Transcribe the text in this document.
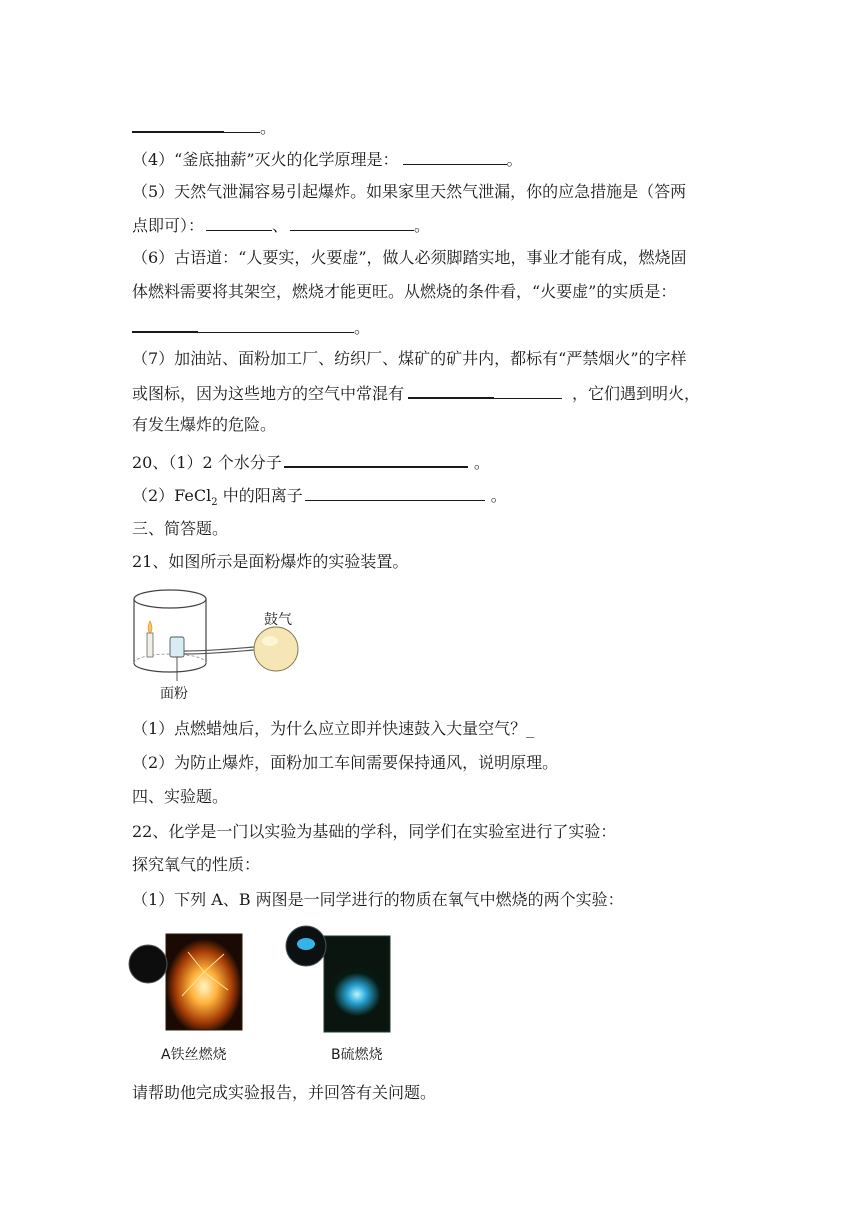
。
（4）“釜底抽薪”灭火的化学原理是：	。
（5）天然气泄漏容易引起爆炸。如果家里天然气泄漏，你的应急措施是（答两
点即可）：	、	。
（6）古语道：“人要实，火要虚”，做人必须脚踏实地，事业才能有成，燃烧固
体燃料需要将其架空，燃烧才能更旺。从燃烧的条件看，“火要虚”的实质是：
。
（7）加油站、面粉加工厂、纺织厂、煤矿的矿井内，都标有“严禁烟火”的字样
或图标，因为这些地方的空气中常混有	，它们遇到明火，
有发生爆炸的危险。
20、（1）2 个水分子	。
（2）FeCl$_2$ 中的阳离子	。
三、简答题。
21、如图所示是面粉爆炸的实验装置。
鼓气
面粉
（1）点燃蜡烛后，为什么应立即并快速鼓入大量空气？_
（2）为防止爆炸，面粉加工车间需要保持通风，说明原理。
四、实验题。
22、化学是一门以实验为基础的学科，同学们在实验室进行了实验：
探究氧气的性质：
（1）下列 A、B 两图是一同学进行的物质在氧气中燃烧的两个实验：
A铁丝燃烧	B硫燃烧
请帮助他完成实验报告，并回答有关问题。
